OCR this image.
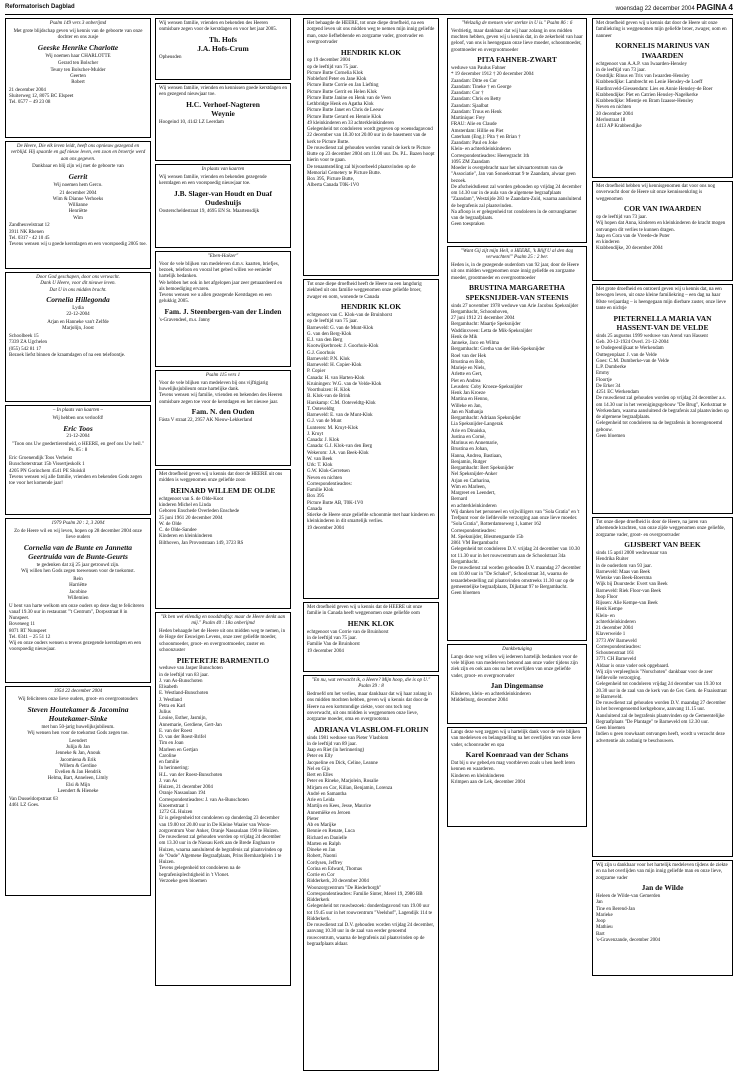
Reformatorisch Dagblad	woensdag 22 december 2004 PAGINA 4

Psalm 149 vers 3 onberijmd

Met grote blijdschap geven wij kennis van de geboorte van onze dochter en ons zusje

Geeske Henrike Charlotte

Wij noemen haar CHARLOTTE

Gerard ten Bolscher
Teuny ten Bolscher-Mulder
Geerten
Robert

21 december 2004
Sluiterweg 12, 8075 BC Elspeet
Tel. 0577 – 49 23 08

De Heere, Die elk leven leidt, heeft ons opnieuw gezegend en verblijd. Hij spaarde en gaf nieuw leven, een zoon en broertje werd aan ons gegeven.

Dankbaar en blij zijn wij met de geboorte van

Gerrit

Wij noemen hem Gerco.

21 december 2004
Wim & Dianne Verhoeks
Willianne
Henriëtte
Wim

Zandheuvelstraat 12
3911 NK Rhenen
Tel. 0317 - 42 10 45
Tevens wensen wij u goede kerstdagen en een voorspoedig 2005 toe.

Door God geschapen, door ons verwacht.
Dank U Heere, voor dit nieuwe leven.
Dat U in ons midden bracht.

Cornelia Hillegonda

Lydia
22-12-2004

Arjan en Hanneke van't Zelfde
Marjolijn, Joost

Schoolbeek 15
7339 ZA Ugchelen
(055) 542 81 17
Bezoek liefst binnen de kraamdagen of na een telefoontje.

– In plaats van kaarten –

Wij hebben ons verloofd!

Eric Toos

21-12-2004

"Toon ons Uw goedertierenheid, o HEERE, en geef ons Uw heil." Ps. 85 : 8

Eric Groenendijk Toos Verheist
Buxschoterstraat 15b Vissertjeskolk 1
4205 PN Gorinchem 4541 PE Sluiskil
Tevens wensen wij alle familie, vrienden en bekenden Gods zegen toe voor het komende jaar!

1979 Psalm 20 : 2, 3 2004

Zo de Heere wil en wij leven, hopen op 28 december 2004 onze lieve ouders

Cornelia van de Bunte en Jannetta Geertruida van de Bunte-Geurts

te gedenken dat zij 25 jaar getrouwd zijn.
Wij willen hen Gods zegen toewensen voor de toekomst.

Rein
Harriëtte
Jacobine
Willemien

U bent van harte welkom om onze ouders op deze dag te feliciteren vanaf 19.30 uur in restaurant "'t Centrum", Dorpsstraat 8 in Nunspeet.
Boveneeg 11
8071 RT Nunspeet
Tel. 0341 – 25 51 12
Wij en onze ouders wensen u tevens gezegende kerstdagen en een voorspoedig nieuwjaar.

1954 22 december 2004

Wij feliciteren onze lieve ouders, groot- en overgrootouders

Steven Houtekamer & Jacomina Houtekamer-Sinke

met hun 50-jarig huwelijksjubileum.
Wij wensen hen voor de toekomst Gods zegen toe.

Leendert
Julija & Jan
Jenneke & Jan, Anouk
Jacomiena & Erik
Willem & Gerdine
Evelien & Jan Hendrik
Helma, Bart, Anneleen, Limly
Elsi & Mijn
Leendert & Hieneke

Van Dusseldorpstraat 63
4461 LZ Goes.

Wij wensen familie, vrienden en bekenden des Heeren onmisbare zegen voor de kerstdagen en voor het jaar 2005.

Th. Hofs
J.A. Hofs-Crum

Opheusden

Wij wensen familie, vrienden en kennissen goede kerstdagen en een gezegend nieuwjaar toe.

H.C. Verhoef-Nagteren
Weynie

Hoogeind 10, 4142 LZ Leerdam

In plaats van kaarten

Wij wensen familie, vrienden en bekenden gezegende kerstdagen en een voorspoedig nieuwjaar toe.

J.B. Slager-van Houdt en Duaf Oudeshuijs

Oosterscheldestraat 19, 4695 EN St. Maartensdijk

"Eben-Haëzer"

Voor de vele blijken van medeleven d.m.v. kaarten, briefjes, bezoek, telefoon en vooral het gebed willen we eenieder hartelijk bedanken.
We hebben het ook in het afgelopen jaar zeer getuaardeerd en als bemoediging ervaren.
Tevens wensen we u allen gezegende Kerstdagen en een gelukkig 2005.

Fam. J. Steenbergen-van der Linden

's-Gravendeel, m.s. Janny

Psalm 115 vers 1

Voor de vele blijken van medeleven bij ons vijftigjarig huwelijksjubileum onze hartelijke dank.
Tevens wensen wij familie, vrienden en bekenden des Heeren onmisbare zegen toe voor de kerstdagen en het nieuwe jaar.

Fam. N. den Ouden

Fásta V straat 22, 2957 AK Nieuw-Lekkerland

Met droefheid geven wij u kennis dat door de HEERE uit ons midden is weggenomen onze geliefde zoon

REINARD WILLEM DE OLDE

echtgenoot van S. de Olde-Koot
kinderen Michel en Linda
Geboren Enschede Overleden Enschede
25 juni 1961 20 december 2004
W. de Olde
C. de Olde-Sandee
Kinderen en kleinkinderen
Bilthoven, Jan Provoststaan 149, 3723 RS

"Ik ben wel ellendig en nooddruftig: maar de Heere denkt aan mij." Psalm 40 : 18a onberijmd

Heden behaagde het de Heere uit ons midden weg te nemen, in de Hoge der Eeuwigen Levens, onze zeer geliefde moeder, schoonmoeder, groot- en overgrootmoeder, zuster en schoonzuster

PIETERTJE BARMENTLO

weduwe van Jasper Bunschoten
in de leeftijd van 83 jaar.
J. van As-Bunschoten
Elisabeth
E. Westland-Bunschoten
J. Westland
Petra en Karl
Julius
Louise, Esther, Jasmijn,
Annemarie, Gerdiene, Gert-Jan
E. van der Roest
D. van der Roest-Brifel
Tim en Joan
Marleen en Gertjan
Caroline
en familie
In herinnering:
H.L. van der Roest-Bunschoten
J. van As
Huizen, 21 december 2004
Oranje Nassaulaan 194
Correspondentieadres: J. van As-Bunschoten
Knoemstraat 1
1272 GL Huizen
Er is gelegenheid tot condoleren op donderdag 23 december van 19.00 tot 20.00 uur in De Kleine Waaier van Woon-zorgcentrum Voor Anker, Oranje Nassaulaan 190 te Huizen.
De rouwdienst zal gehouden worden op vrijdag 24 december om 13.30 uur in de Nassau Kerk aan de Brede Enghaan te Huizen, waarna aansluitend de begrafenis zal plaatsvinden op de "Oude" Algemene Begraafplaats, Prins Bernhardplein 1 te Huizen.
Tevens gelegenheid tot condoleren na de begrafenisplechtigheid in 't Vlonet.
Verzoeke geen bloemen

Het behaagde de HEERE, tot onze diepe droefheid, na een zorgend leven uit ons midden weg te nemen mijn innig geliefde man, onze liefhebbende en zorgzame vader, grootvader en overgrootvader

HENDRIK KLOK

op 19 december 2004
op de leeftijd van 75 jaar.
Picture Butte Cornelia Klok
Nobleford Peter en Jane Klok
Picture Butte Corrie en Jan Liefting
Picture Butte Gerrit en Helen Klok
Picture Butte Janine en Henk van de Veen
Lethbridge Henk en Agatha Klok
Picture Butte Janet en Chris de Leeuw
Picture Butte Gerard en Hennie Klok
49 kleinkinderen en 33 achterkleinkinderen
Gelegenheid tot condoleren wordt gegeven op woensdagavond 22 december van 18.30 tot 20.00 uur in de basement van de kerk te Picture Butte.
De rouwdienst zal gehouden worden vanuit de kerk te Picture Butte op 23 december 2004 om 11.00 uur. Ds. P.L. Bazen hoopt hierin voor te gaan.
De tenaamstelling zal bijvoorbeeld plaatsvinden op de Memorial Cemetery te Picture Butte.
Box 395, Picture Butte,
Alberta Canada T0K-1V0

Tot onze diepe droefheid heeft de Heere na een langdurig ziekbed uit ons familie weggenomen onze geliefde broer, zwager en oom, wonende te Canada

HENDRIK KLOK

echtgenoot van C. Klok-van de Bruinhorst
op de leeftijd van 75 jaar.
Barneveld: G. van de Munt-Klok
G. van den Berg-Klok
E.J. van den Berg
Kootwijkerbroek: J. Goorhuis-Klok
G.J. Goorhuis
Barneveld: P.N. Klok
Barneveld: H. Copier-Klok
P. Copier
Canada: H. van Harten-Klok
Kruiningen: W.G. van de Velde-Klok
Voorthuizen: H. Klok
B. Klok-van de Brink
Harskamp: C.M. Ooteveldtg-Klok
T. Ooteveldtg
Barneveld: E. van de Munt-Klok
G.J. van de Munt
Lunteren: M. Kruyt-Klok
J. Kruyt
Canada: J. Klok
Canada: G.J. Klok-van den Berg
Wekerom: J.A. van Beek-Klok
W. van Beek
Urk: T. Klok
G.W. Klok-Gerretsen
Neven en nichten
Correspondentieadres:
Familie Klok
Box 395
Picture Butte AB, T0K-1V0
Canada
Stierke de Heere onze geliefde schoonmie met haar kinderen en kleinkinderen in dit smartelijk verlies.
19 december 2004

Met droefheid geven wij u kennis dat de HEERE uit onze familie in Canada heeft weggenomen onze geliefde oom

HENK KLOK

echtgenoot van Corrie van de Bruinhorst
in de leeftijd van 75 jaar.
Familie Van de Bruinhorst
19 december 2004

"En nu, wat verwacht ik, o Heere? Mijn hoop, die is op U." Psalm 39 : 8

Bedroefd om het verlies, maar dankbaar dat wij haar zolang in ons midden mochten hebben, geven wij u kennis dat door de Heere na een kortstondige ziekte, voor ons toch nog onverwacht, uit ons midden is weggenomen onze lieve, zorgzame moeder, oma en overgrootoma

ADRIANA VLASBLOM-FLORIJN

sinds 1981 weduwe van Pieter Vlasblom
in de leeftijd van 89 jaar.
Jaap en Riet (in herinnering)
Peter en Elly
Jacqueline en Dick, Celine, Leanne
Nel en Gijs
Bert en Elles
Peter en Rineke, Marjolein, Rosalie
Mirjam en Cor, Kilian, Benjamin, Lorenza
André en Samantha
Arie en Leida
Martijn en Kees, Jesse, Maurice
Annemiëke en Jeroen
Pieter
Ab en Marijke
Bennie en Renate, Luca
Richard en Danielle
Marten en Ralph
Dineke en Jan
Robert, Naomi
Cordysen, Jeffrey
Corina en Edward, Thomas
Corrie en Cor
Ridderkerk, 20 december 2004
Woonzorgcentrum "De Riederborgh"
Correspondentieadres: Familie Sinter, Merel 19, 2986 BB Ridderkerk
Gelegenheid tot rouwbezoek: donderdagavond van 19.00 uur tot 19.45 uur in het rouwcentrum "Veelshof", Lagendijk 114 te Ridderkerk.
De rouwdienst zal D.V. gehouden worden vrijdag 24 december, aanvang 10.30 uur in de zaal van eerder genoemd rouwcentrum, waarna de begrafenis zal plaatsvinden op de begraafplaats aldaar.

"Welzalig de mensen wier sterkte in U is." Psalm 86 : 6

Verdrietig, maar dankbaar dat wij haar zolang in ons midden mochten hebben, geven wij u kennis dat, in de zekerheid van haar geloof, van ons is heengegaan onze lieve moeder, schoonmoeder, grootmoeder en overgrootmoeder

PITA FAHNER-ZWART

weduwe van Paulus Fahner
* 19 december 1912 † 20 december 2004
Zaandam: Ditte en Cor
Zaandam: Tineke † en George
Zaandam: Cor †
Zaandam: Chris en Betty
Zaandam: Sjaalbat
Zaandam: Truus en Henk
Martinique: Frey
FRAU: Alie en Claude
Amsterdam: Hillie en Piet
Caterham (Eng.): Pita † en Brian †
Zaandam: Paul en Joke
Klein- en achterkleinkinderen
Correspondentieadres: Heeregracht 1th
1095 ZM Zaandam
Moeder is overgebracht naar het uitvaartcentrum van de "Associatie", Jan van Sonoekstraat 9 te Zaandam, alwaar geen bezoek.
De afscheidsdienst zal worden gehouden op vrijdag 24 december om 14.30 uur in de aula van de algemene begraafplaats "Zaandam", Westzijde 283 te Zaandam-Zuid, waarna aansluitend de begrafenis zal plaatsvinden.
Na afloop is er gelegenheid tot condoleren in de ontvangkamer van de begraafplaats.
Geen toespraken

"Want Gij zijt mijn Heil, o HEERE, 'k Blijf U al den dag verwachten!" Psalm 25 : 2 ber.

Heden is, in de gezegende ouderdom van 92 jaar, door de Heere uit ons midden weggenomen onze innig geliefde en zorgzame moeder, grootmoeder en overgrootmoeder

BRUSTINA MARGARETHA SPEKSNIJDER-VAN STEENIS

sinds 27 november 1978 weduwe van Arie Jacobus Speksnijder
Bergambacht, Schoonhoven,
27 juni 1912 21 december 2004
Bergambacht: Maartje Speksnijder
Waddinxveen: Letta de Mik-Speksnijder
Henk de Mik
Janneke, Jaco en Wilma
Bergambacht: Gretha van der Hek-Speksnijder
Roel van der Hek
Brustina en Bob,
Marieje en Niels,
Arlette en Gert,
Piet en Andrea
Leusden: Coby Kroeze-Speksnijder
Henk Jan Kroeze
Martina en Henno,
Willeke en Jan,
Jan en Nathanja
Bergambacht: Adriaan Speksnijder
Lia Speksnijder-Langerak
Arie en Dinaiska,
Justina en Cornè,
Marinus en Annemarie,
Brustina en Johan,
Hanna, Andrea, Bastiaan,
Benjamin, Rutger
Bergambacht: Bert Speksnijder
Nel Speksnijder-Anker
Arjan en Catharina,
Wim en Marleen,
Margreet en Leendert,
Bernard
en achterkleinkinderen
Wij danken het personeel en vrijwilligers van "Sola Gratia" en 't Trefpunt voor de liefdevolle verzorging aan onze lieve moeder.
"Sola Gratia", Rotterdamseweg 1, kamer 162
Correspondentieadres:
M. Speksnijder, Blesmengaarde 15b
2861 VM Bergambacht
Gelegenheid tot condoleren D.V. vrijdag 24 december van 10.30 tot 11.30 uur in het rouwcentrum aan de Schoolstraat 34a Bergambacht.
De rouwdienst zal worden gehouden D.V. maandag 27 december om 10.00 uur in "De Schakel", Schoolstraat 34, waarna de teraardebestelling zal plaatsvinden omstreeks 11.30 uur op de gemeentelijke begraafplaats, Dijkstaat 97 te Bergambacht.
Geen bloemen

Dankbetuiging

Langs deze weg willen wij iedereen hartelijk bedanken voor de vele blijken van medeleven betoond aan onze vader tijdens zijn ziek zijn en ook aan ons na het overlijden van onze geliefde vader, groot- en overgrootvader

Jan Dingemanse

Kinderen, klein- en achterkleinkinderen
Middelburg, december 2004

Langs deze weg zeggen wij u hartelijk dank voor de vele blijken van medeleven en belangstelling na het overlijden van onze lieve vader, schoonvader en opa

Karel Koenraad van der Schans

Dat bij u uw gebed,en mag voorbleven zoals u hen heeft leren kennen en waarderen.
Kinderen en kleinkinderen
Krimpen aan de Lek, december 2004

Met droefheid geven wij u kennis dat door de Heere uit onze familiekring is weggenomen mijn geliefde broer, zwager, oom en nanneer

KORNELIS MARINUS VAN IWAARDEN

echtgenoot van A.A.P. van Iwaarden-Hensley
in de leeftijd van 73 jaar.
Oostdijk: Rinus en Trix van Iwaarden-Hensley
Krabbendijke: Lambrecht en Lenie Hensley-de Loeff
Hardinxveld-Giessendam: Lies en Annie Hensley-de Boer
Krabbendijke: Piet en Catrien Hensley-Nagelkerke
Krabbendijke: Mientje en Bram Izaasse-Hensley
Neven en nichten
20 december 2004
Merlostraat 18
4413 AP Krabbendijke

Met droefheid hebben wij kennisgenomen dat voor ons nog onverwacht door de Heere uit onze kennissenkring is weggenomen

COR VAN IWAARDEN

op de leeftijd van 73 jaar.
Wij hopen dat Anna, kinderen en kleinkinderen de kracht mogen ontvangen dit verlies te kunnen dragen.
Jaap en Cora van de Vreede-de Puter
en kinderen
Krabbendijke, 20 december 2004

Met grote droefheid en ontroerd geven wij u kennis dat, na een bewogen leven, uit onze kleine familiekring – een dag na haar 80ste verjaardag – is heengegaan mijn dierbare zuster, onze lieve tante en nichtje

PIETERNELLA MARIA VAN HASSENT-VAN DE VELDE

sinds 25 augustus 1999 weduwe van Arend van Hassent
Geb. 20-12-1924 Overl. 21-12-2004
te Oudegeenlijkaat te Werkendam
Outtegenplaat: J. van de Velde
Goes: C.M. Dumberke-van de Velde
L.P. Dumberke
Emmy
Floortje
De Erker 34
4251 EC Werkendam
De rouwdienst zal gehouden worden op vrijdag 24 december a.s. om 14.30 uur in het verenigingsgebouw "De Brug", Kerkstraat te Werkendam, waarna aansluitend de begrafenis zal plaatsvinden op de algemene begraafplaats.
Gelegenheid tot condoleren na de begrafenis in bovengenoemd gebouw.
Geen bloemen

Tot onze diepe droefheid is door de Heere, na jaren van afnemende krachten, van onze zijde weggenomen onze geliefde, zorgzame vader, groot- en overgrootvader

GIJSBERT VAN BEEK

sinds 15 april 2000 weduwnaar van
Hendrika Ruiter
in de ouderdom van 93 jaar.
Barneveld: Maas van Beek
Wietske van Beek-Boersma
Wijk bij Duurstede: Evert van Beek
Barneveld: Riek Floor-van Beek
Joop Floor
Rijssen: Alie Kempe-van Beek
Henk Kempe
Klein- en
achterkleinkinderen
21 december 2004
Klaverweide 1
3773 AW Barneveld
Correspondentieadres:
Schoutenstraat 161
3771 CH Barneveld
Aldaar is onze vader ook opgebaard.
Wij zijn verpleeghuis "Norschoten" dankbaar voor de zeer liefdevolle verzorging.
Gelegenheid tot condoleren vrijdag 24 december van 19.30 tot 20.30 uur in de zaal van de kerk van de Ger. Gem. de Fraaisstraat te Barneveld.
De rouwdienst zal gehouden worden D.V. maandag 27 december in het bovengenoemd kerkgebouw, aanvang 11.15 uur.
Aansluitend zal de begrafenis plaatsvinden op de Gemeentelijke Begraafplaats "De Plantage" te Barneveld om 12.30 uur.
Geen bloemen
Indien u geen rouwkaart ontvangen heeft, wordt u verzocht deze advertentie als zodanig te beschouwen.

Wij zijn u dankbaar voor het hartelijk medeleven tijdens de ziekte en na het overlijden van mijn innig geliefde man en onze lieve, zorgzame vader

Jan de Wilde

Heleen de Wilde-van Gemerden
Jan
Tine en Berend-Jan
Marieke
Joop
Mathieu
Bart
's-Gravenzande, december 2004
